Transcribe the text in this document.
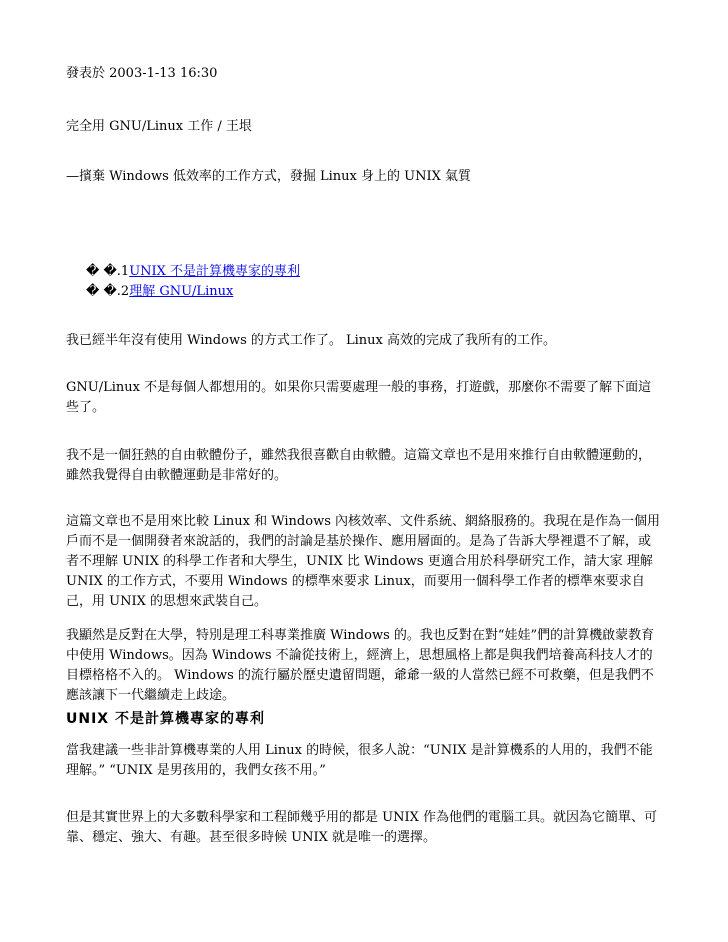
發表於 2003-1-13 16:30

完全用 GNU/Linux 工作 / 王垠

—擯棄 Windows 低效率的工作方式，發掘 Linux 身上的 UNIX 氣質

� �.1UNIX 不是計算機專家的專利
� �.2理解 GNU/Linux

我已經半年沒有使用 Windows 的方式工作了。 Linux 高效的完成了我所有的工作。

GNU/Linux 不是每個人都想用的。如果你只需要處理一般的事務，打遊戲，那麼你不需要了解下面這些了。

我不是一個狂熱的自由軟體份子，雖然我很喜歡自由軟體。這篇文章也不是用來推行自由軟體運動的，雖然我覺得自由軟體運動是非常好的。

這篇文章也不是用來比較 Linux 和 Windows 內核效率、文件系統、網絡服務的。我現在是作為一個用戶而不是一個開發者來說話的，我們的討論是基於操作、應用層面的。是為了告訴大學裡還不了解，或者不理解 UNIX 的科學工作者和大學生，UNIX 比 Windows 更適合用於科學研究工作，請大家 理解 UNIX 的工作方式，不要用 Windows 的標準來要求 Linux，而要用一個科學工作者的標準來要求自己，用 UNIX 的思想來武裝自己。

我顯然是反對在大學，特別是理工科專業推廣 Windows 的。我也反對在對“娃娃”們的計算機啟蒙教育中使用 Windows。因為 Windows 不論從技術上，經濟上，思想風格上都是與我們培養高科技人才的目標格格不入的。 Windows 的流行屬於歷史遺留問題，爺爺一級的人當然已經不可救藥，但是我們不應該讓下一代繼續走上歧途。

UNIX 不是計算機專家的專利

當我建議一些非計算機專業的人用 Linux 的時候，很多人說：“UNIX 是計算機系的人用的，我們不能理解。” “UNIX 是男孩用的，我們女孩不用。”

但是其實世界上的大多數科學家和工程師幾乎用的都是 UNIX 作為他們的電腦工具。就因為它簡單、可靠、穩定、強大、有趣。甚至很多時候 UNIX 就是唯一的選擇。
